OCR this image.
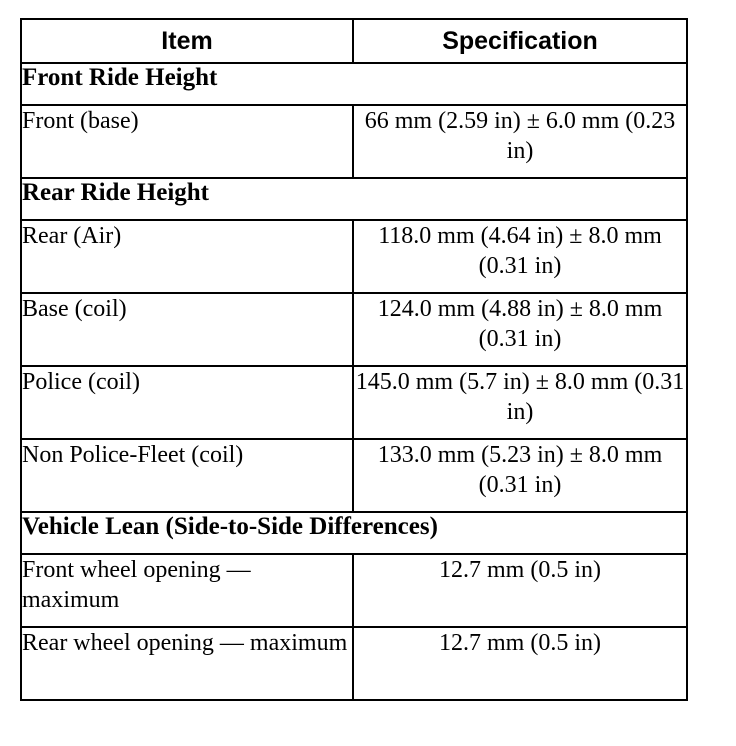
Item	Specification
Front Ride Height	
Front (base)	66 mm (2.59 in) ± 6.0 mm (0.23 in)
Rear Ride Height	
Rear (Air)	118.0 mm (4.64 in) ± 8.0 mm (0.31 in)
Base (coil)	124.0 mm (4.88 in) ± 8.0 mm (0.31 in)
Police (coil)	145.0 mm (5.7 in) ± 8.0 mm (0.31 in)
Non Police-Fleet (coil)	133.0 mm (5.23 in) ± 8.0 mm (0.31 in)
Vehicle Lean (Side-to-Side Differences)	
Front wheel opening — maximum	12.7 mm (0.5 in)
Rear wheel opening — maximum	12.7 mm (0.5 in)
